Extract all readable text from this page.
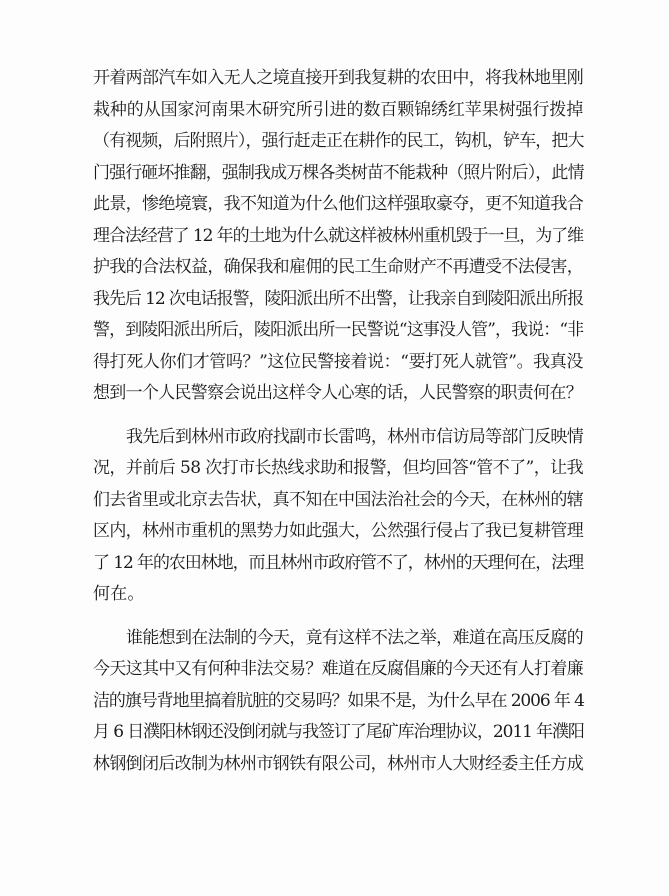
开着两部汽车如入无人之境直接开到我复耕的农田中，将我林地里刚
栽种的从国家河南果木研究所引进的数百颗锦绣红苹果树强行拨掉
（有视频，后附照片），强行赶走正在耕作的民工，钩机，铲车，把大
门强行砸坏推翻，强制我成万棵各类树苗不能栽种（照片附后），此情
此景，惨绝境寰，我不知道为什么他们这样强取豪夺，更不知道我合
理合法经营了 12 年的土地为什么就这样被林州重机毁于一旦，为了维
护我的合法权益，确保我和雇佣的民工生命财产不再遭受不法侵害，
我先后 12 次电话报警，陵阳派出所不出警，让我亲自到陵阳派出所报
警，到陵阳派出所后，陵阳派出所一民警说“这事没人管”，我说：“非
得打死人你们才管吗？”这位民警接着说：“要打死人就管”。我真没
想到一个人民警察会说出这样令人心寒的话，人民警察的职责何在？
我先后到林州市政府找副市长雷鸣，林州市信访局等部门反映情
况，并前后 58 次打市长热线求助和报警，但均回答“管不了”，让我
们去省里或北京去告状，真不知在中国法治社会的今天，在林州的辖
区内，林州市重机的黑势力如此强大，公然强行侵占了我已复耕管理
了 12 年的农田林地，而且林州市政府管不了，林州的天理何在，法理
何在。
谁能想到在法制的今天，竟有这样不法之举，难道在高压反腐的
今天这其中又有何种非法交易？难道在反腐倡廉的今天还有人打着廉
洁的旗号背地里搞着肮脏的交易吗？如果不是，为什么早在 2006 年 4
月 6 日濮阳林钢还没倒闭就与我签订了尾矿库治理协议，2011 年濮阳
林钢倒闭后改制为林州市钢铁有限公司，林州市人大财经委主任方成
